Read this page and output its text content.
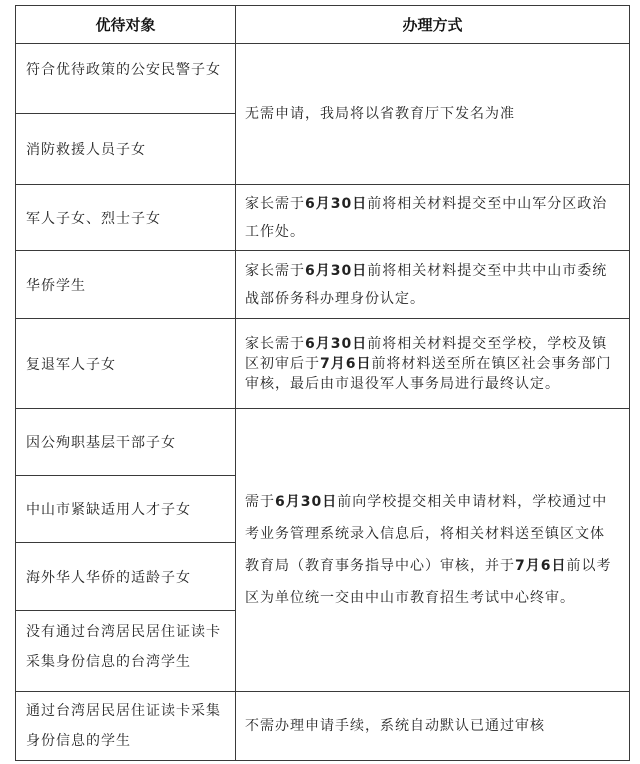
优待对象	办理方式
符合优待政策的公安民警子女
消防救援人员子女

无需申请，我局将以省教育厅下发名为准

军人子女、烈士子女

家长需于6月30日前将相关材料提交至中山军分区政治工作处。

华侨学生

家长需于6月30日前将相关材料提交至中共中山市委统战部侨务科办理身份认定。

复退军人子女

家长需于6月30日前将相关材料提交至学校，学校及镇区初审后于7月6日前将材料送至所在镇区社会事务部门审核，最后由市退役军人事务局进行最终认定。

因公殉职基层干部子女
中山市紧缺适用人才子女
海外华人华侨的适龄子女
没有通过台湾居民居住证读卡采集身份信息的台湾学生

需于6月30日前向学校提交相关申请材料，学校通过中考业务管理系统录入信息后，将相关材料送至镇区文体教育局（教育事务指导中心）审核，并于7月6日前以考区为单位统一交由中山市教育招生考试中心终审。

通过台湾居民居住证读卡采集身份信息的学生

不需办理申请手续，系统自动默认已通过审核
